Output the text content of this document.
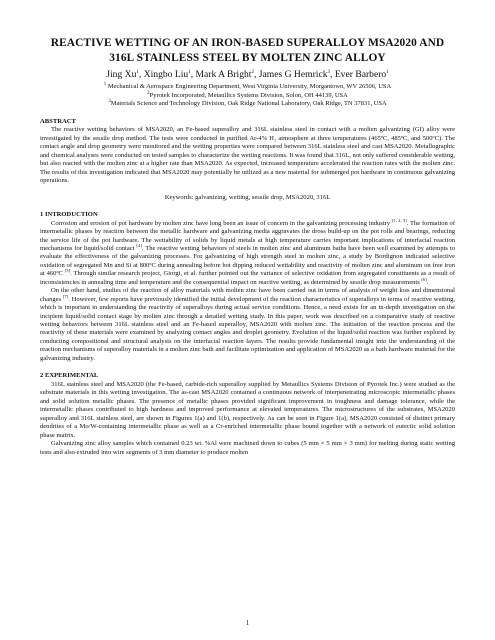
REACTIVE WETTING OF AN IRON-BASED SUPERALLOY MSA2020 AND
316L STAINLESS STEEL BY MOLTEN ZINC ALLOY

Jing Xu$^1$, Xingbo Liu$^1$, Mark A Bright$^2$, James G Hemrick$^3$, Ever Barbero$^1$
$^1$ Mechanical & Aerospace Engineering Department, West Virginia University, Morgantown, WV 26506, USA
$^2$Pyrotek Incorporated, Metaullics Systems Division, Solon, OH 44139, USA
$^3$Materials Science and Technology Division, Oak Ridge National Laboratory, Oak Ridge, TN 37831, USA
ABSTRACT

The reactive wetting behaviors of MSA2020, an Fe-based superalloy and 316L stainless steel in contact with a molten galvanizing (GI) alloy were investigated by the sessile drop method. The tests were conducted in purified Ar-4% H₂ atmosphere at three temperatures (465ºC, 485ºC, and 500ºC). The contact angle and drop geometry were monitored and the wetting properties were compared between 316L stainless steel and cast MSA2020. Metallographic and chemical analyses were conducted on tested samples to characterize the wetting reactions. It was found that 316L, not only suffered considerable wetting, but also reacted with the molten zinc at a higher rate than MSA2020. As expected, increased temperature accelerated the reaction rates with the molten zinc. The results of this investigation indicated that MSA2020 may potentially be utilized as a new material for submerged pot hardware in continuous galvanizing operations.

Keywords: galvanizing, wetting, sessile drop, MSA2020, 316L
1 INTRODUCTION

Corrosion and erosion of pot hardware by molten zinc have long been an issue of concern in the galvanizing processing industry [1, 2, 3]. The formation of intermetallic phases by reaction between the metallic hardware and galvanizing media aggravates the dross build-up on the pot rolls and bearings, reducing the service life of the pot hardware. The wettability of solids by liquid metals at high temperature carries important implications of interfacial reaction mechanisms for liquid/solid contact [4]. The reactive wetting behaviors of steels in molten zinc and aluminum baths have been well examined by attempts to evaluate the effectiveness of the galvanizing processes. For galvanizing of high strength steel in molten zinc, a study by Bordignon indicated selective oxidation of segregated Mn and Si at 800ºC during annealing before hot dipping reduced wettability and reactivity of molten zinc and aluminum on free iron at 460ºC [5]. Through similar research project, Giorgi, et al. further pointed out the variance of selective oxidation from segregated constituents as a result of inconsistencies in annealing time and temperature and the consequential impact on reactive wetting, as determined by sessile drop measurements [6].

On the other hand, studies of the reaction of alloy materials with molten zinc have been carried out in terms of analysis of weight loss and dimensional changes [7]. However, few reports have previously identified the initial development of the reaction characteristics of superalloys in terms of reactive wetting, which is important in understanding the reactivity of superalloys during actual service conditions. Hence, a need exists for an in-depth investigation on the incipient liquid/solid contact stage by molten zinc through a detailed wetting study. In this paper, work was described on a comparative study of reactive wetting behaviors between 316L stainless steel and an Fe-based superalloy, MSA2020 with molten zinc. The initiation of the reaction process and the reactivity of these materials were examined by analyzing contact angles and droplet geometry. Evolution of the liquid/solid reaction was further explored by conducting compositional and structural analysis on the interfacial reaction layers. The results provide fundamental insight into the understanding of the reaction mechanisms of superalloy materials in a molten zinc bath and facilitate optimization and application of MSA2020 as a bath hardware material for the galvanizing industry.

2 EXPERIMENTAL

316L stainless steel and MSA2020 (the Fe-based, carbide-rich superalloy supplied by Metaullics Systems Division of Pyrotek Inc.) were studied as the substrate materials in this wetting investigation. The as-cast MSA2020 contained a continuous network of interpenetrating microscopic intermetallic phases and solid solution metallic phases. The presence of metallic phases provided significant improvement in toughness and damage tolerance, while the intermetallic phases contributed to high hardness and improved performance at elevated temperatures. The microstructures of the substrates, MSA2020 superalloy and 316L stainless steel, are shown in Figures 1(a) and 1(b), respectively. As can be seen in Figure 1(a), MSA2020 consisted of distinct primary dendrites of a Mo/W-containing intermetallic phase as well as a Cr-enriched intermetallic phase bound together with a network of eutectic solid solution phase matrix.

Galvanizing zinc alloy samples which contained 0.23 wt. %Al were machined down to cubes (5 mm × 5 mm × 3 mm) for melting during static wetting tests and also extruded into wire segments of 3 mm diameter to produce molten

1
